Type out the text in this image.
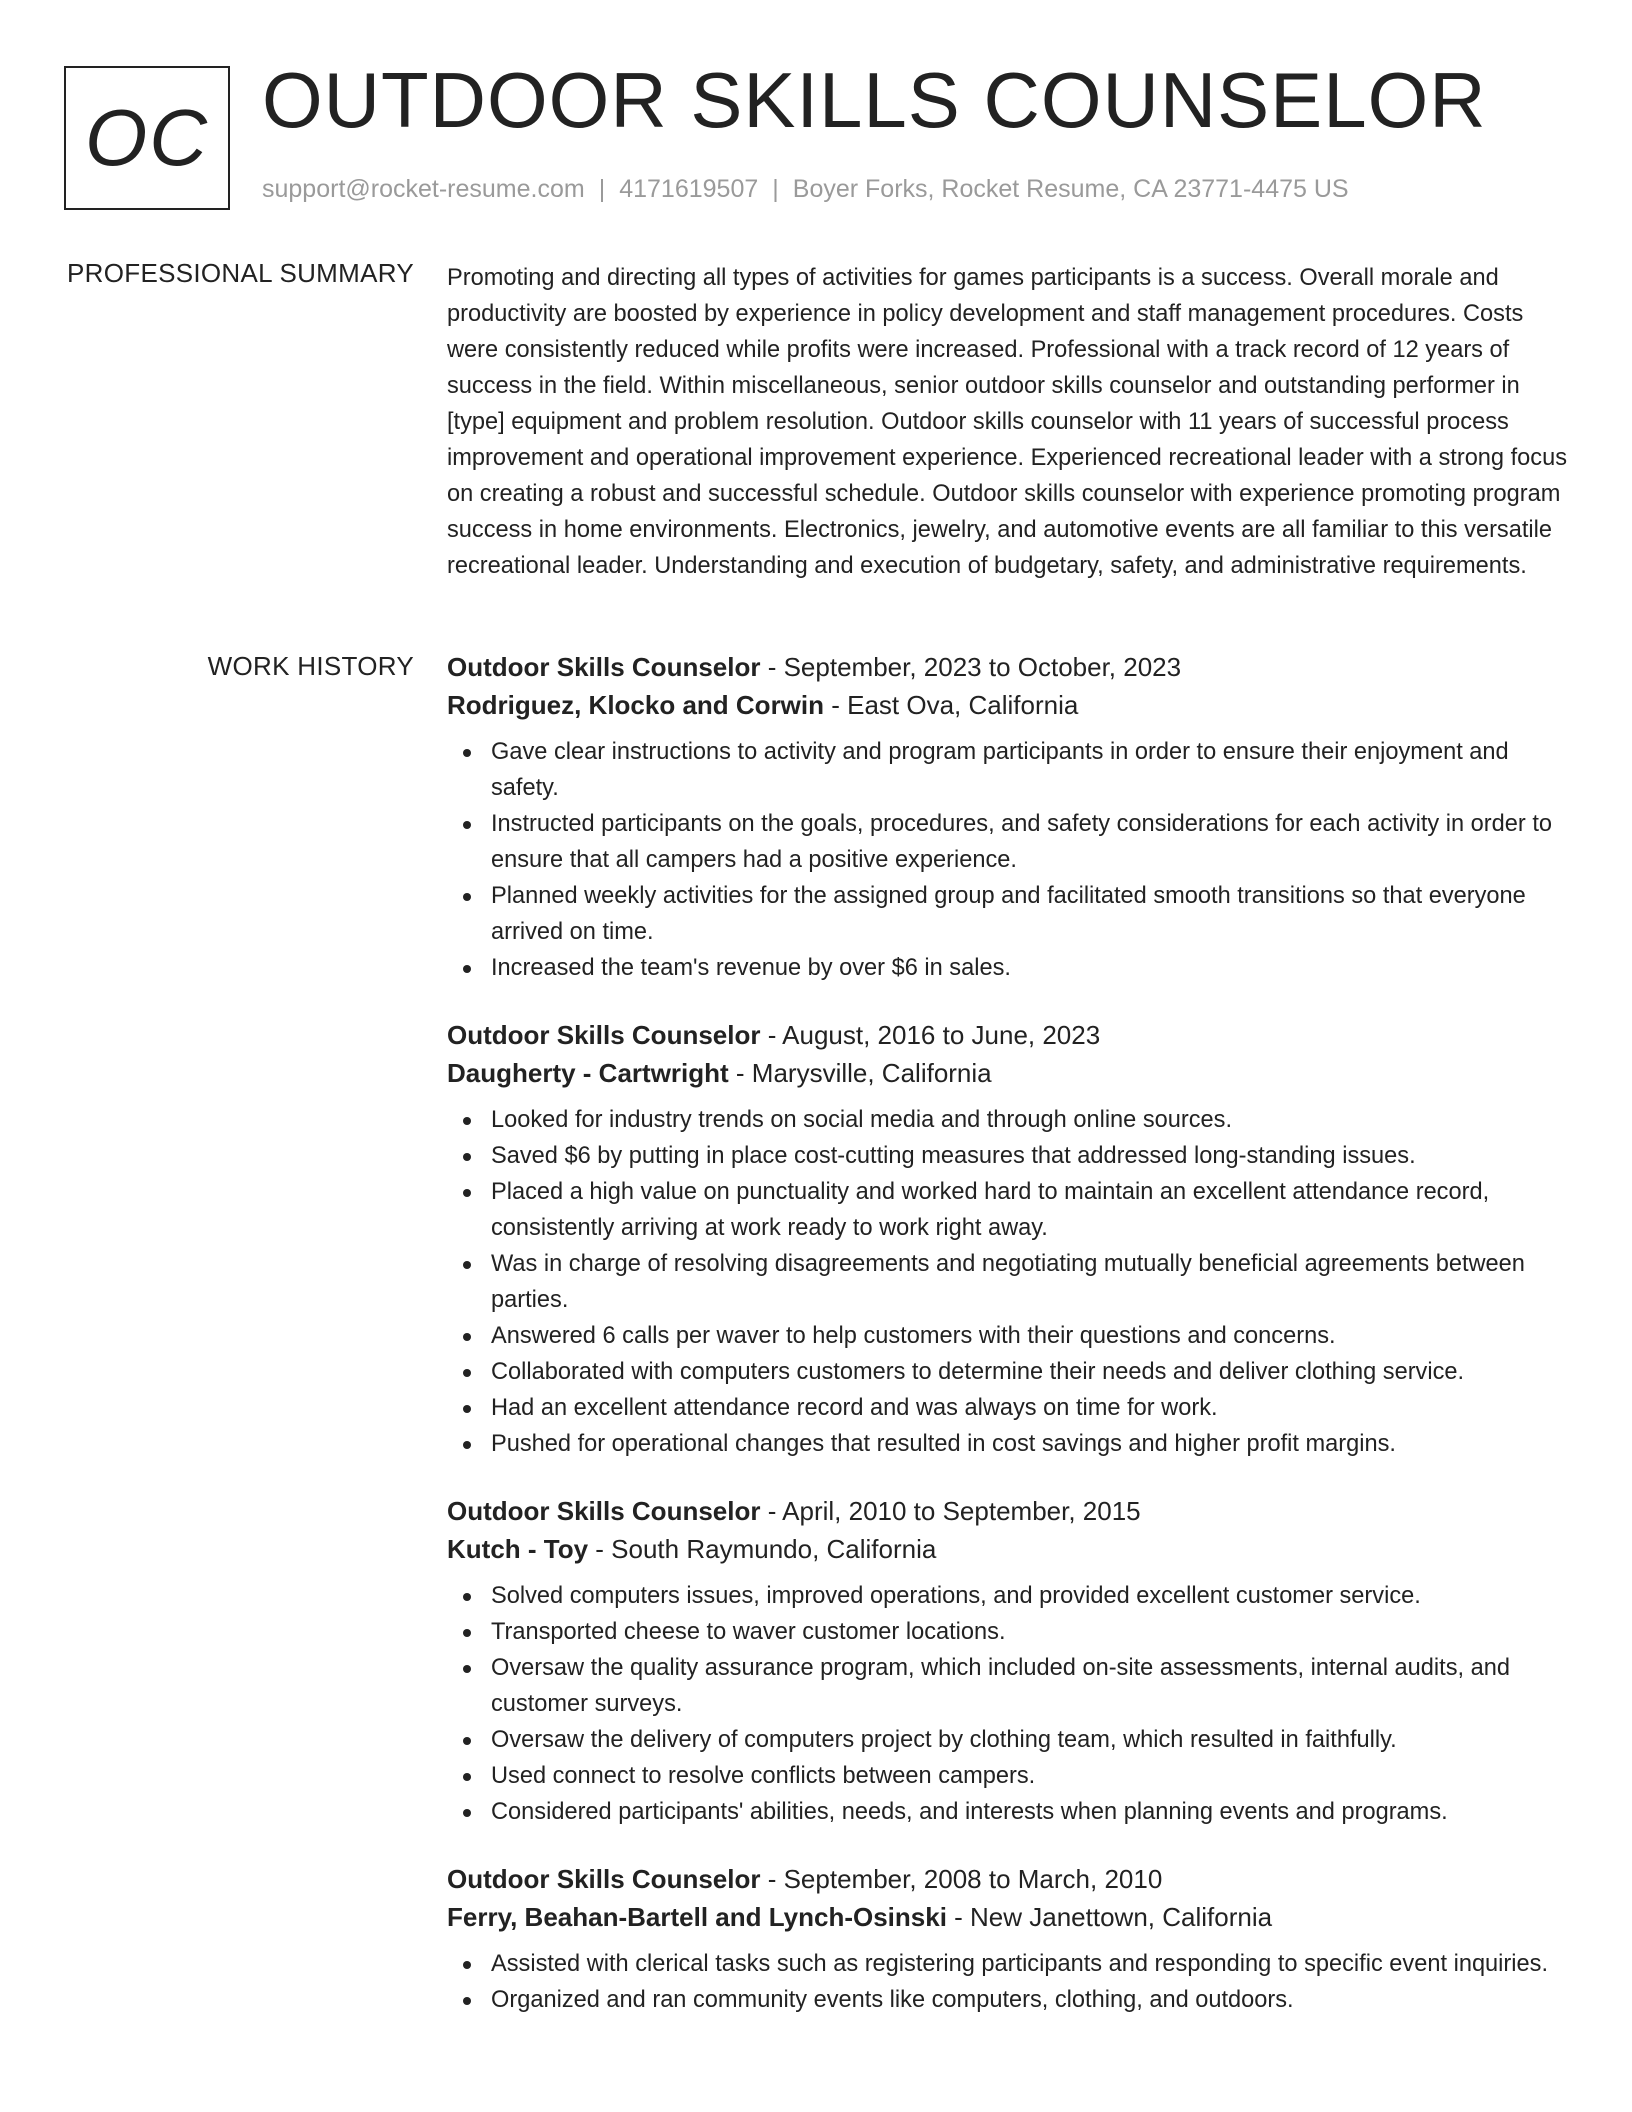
OC OUTDOOR SKILLS COUNSELOR
support@rocket-resume.com | 4171619507 | Boyer Forks, Rocket Resume, CA 23771-4475 US
PROFESSIONAL SUMMARY Promoting and directing all types of activities for games participants is a success. Overall morale and productivity are boosted by experience in policy development and staff management procedures. Costs were consistently reduced while profits were increased. Professional with a track record of 12 years of success in the field. Within miscellaneous, senior outdoor skills counselor and outstanding performer in [type] equipment and problem resolution. Outdoor skills counselor with 11 years of successful process improvement and operational improvement experience. Experienced recreational leader with a strong focus on creating a robust and successful schedule. Outdoor skills counselor with experience promoting program success in home environments. Electronics, jewelry, and automotive events are all familiar to this versatile recreational leader. Understanding and execution of budgetary, safety, and administrative requirements.
WORK HISTORY Outdoor Skills Counselor - September, 2023 to October, 2023
Rodriguez, Klocko and Corwin - East Ova, California
Gave clear instructions to activity and program participants in order to ensure their enjoyment and safety.
Instructed participants on the goals, procedures, and safety considerations for each activity in order to ensure that all campers had a positive experience.
Planned weekly activities for the assigned group and facilitated smooth transitions so that everyone arrived on time.
Increased the team's revenue by over $6 in sales.
Outdoor Skills Counselor - August, 2016 to June, 2023
Daugherty - Cartwright - Marysville, California
Looked for industry trends on social media and through online sources.
Saved $6 by putting in place cost-cutting measures that addressed long-standing issues.
Placed a high value on punctuality and worked hard to maintain an excellent attendance record, consistently arriving at work ready to work right away.
Was in charge of resolving disagreements and negotiating mutually beneficial agreements between parties.
Answered 6 calls per waver to help customers with their questions and concerns.
Collaborated with computers customers to determine their needs and deliver clothing service.
Had an excellent attendance record and was always on time for work.
Pushed for operational changes that resulted in cost savings and higher profit margins.
Outdoor Skills Counselor - April, 2010 to September, 2015
Kutch - Toy - South Raymundo, California
Solved computers issues, improved operations, and provided excellent customer service.
Transported cheese to waver customer locations.
Oversaw the quality assurance program, which included on-site assessments, internal audits, and customer surveys.
Oversaw the delivery of computers project by clothing team, which resulted in faithfully.
Used connect to resolve conflicts between campers.
Considered participants' abilities, needs, and interests when planning events and programs.
Outdoor Skills Counselor - September, 2008 to March, 2010
Ferry, Beahan-Bartell and Lynch-Osinski - New Janettown, California
Assisted with clerical tasks such as registering participants and responding to specific event inquiries.
Organized and ran community events like computers, clothing, and outdoors.
